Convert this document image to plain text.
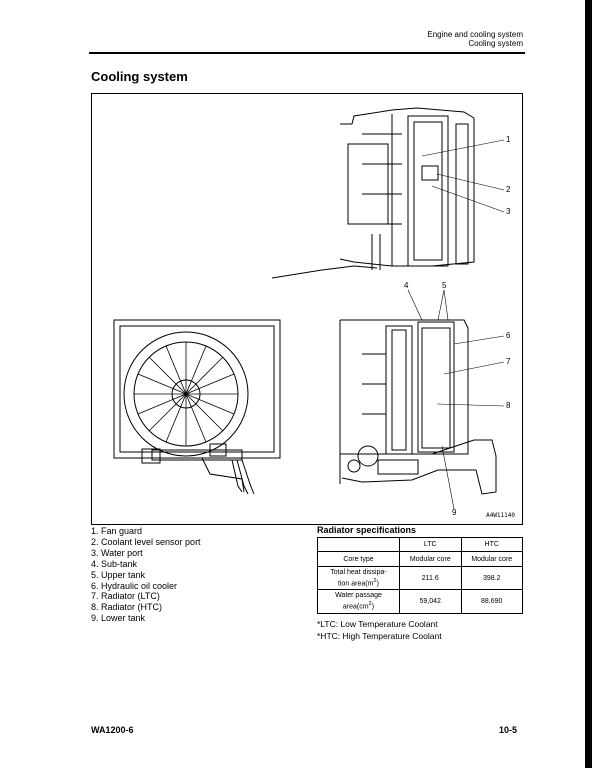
Engine and cooling system
Cooling system
Cooling system
1
2
3
4	5
6
7
8
9	A4W11140
1. Fan guard
2. Coolant level sensor port
3. Water port
4. Sub-tank
5. Upper tank
6. Hydraulic oil cooler
7. Radiator (LTC)
8. Radiator (HTC)
9. Lower tank
Radiator specifications
	LTC	HTC
Core type	Modular core	Modular core
Total heat dissipa-
tion $area(m^2)$	211.6	398.2
Water passage
$area(cm^2)$	59,042	88,690
*LTC: Low Temperature Coolant
*HTC: High Temperature Coolant
WA1200-6	10-5
